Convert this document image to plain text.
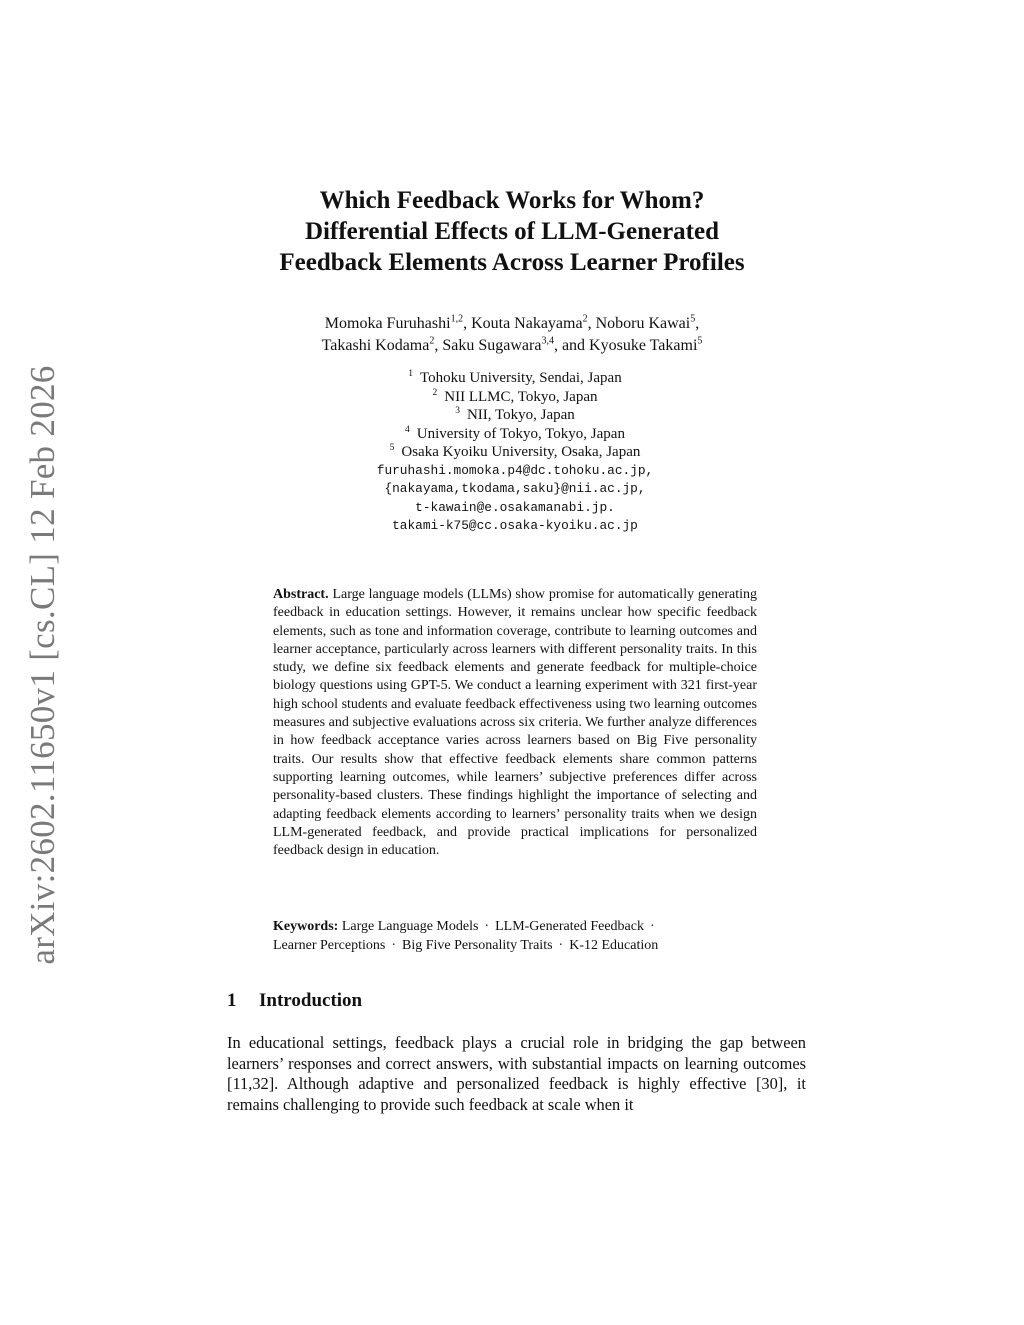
arXiv:2602.11650v1 [cs.CL] 12 Feb 2026
Which Feedback Works for Whom?
Differential Effects of LLM-Generated
Feedback Elements Across Learner Profiles
Momoka Furuhashi$^{1,2}$, Kouta Nakayama$^2$, Noboru Kawai$^5$,
Takashi Kodama$^2$, Saku Sugawara$^{3,4}$, and Kyosuke Takami$^5$
$^1$ Tohoku University, Sendai, Japan
$^2$ NII LLMC, Tokyo, Japan
$^3$ NII, Tokyo, Japan
$^4$ University of Tokyo, Tokyo, Japan
$^5$ Osaka Kyoiku University, Osaka, Japan
furuhashi.momoka.p4@dc.tohoku.ac.jp,
{nakayama,tkodama,saku}@nii.ac.jp,
t-kawain@e.osakamanabi.jp.
takami-k75@cc.osaka-kyoiku.ac.jp
Abstract. Large language models (LLMs) show promise for automatically generating feedback in education settings. However, it remains unclear how specific feedback elements, such as tone and information coverage, contribute to learning outcomes and learner acceptance, particularly across learners with different personality traits. In this study, we define six feedback elements and generate feedback for multiple-choice biology questions using GPT-5. We conduct a learning experiment with 321 first-year high school students and evaluate feedback effectiveness using two learning outcomes measures and subjective evaluations across six criteria. We further analyze differences in how feedback acceptance varies across learners based on Big Five personality traits. Our results show that effective feedback elements share common patterns supporting learning outcomes, while learners’ subjective preferences differ across personality-based clusters. These findings highlight the importance of selecting and adapting feedback elements according to learners’ personality traits when we design LLM-generated feedback, and provide practical implications for personalized feedback design in education.
Keywords: Large Language Models · LLM-Generated Feedback ·
Learner Perceptions · Big Five Personality Traits · K-12 Education
1 Introduction
In educational settings, feedback plays a crucial role in bridging the gap between learners’ responses and correct answers, with substantial impacts on learning outcomes [11,32]. Although adaptive and personalized feedback is highly effective [30], it remains challenging to provide such feedback at scale when it
